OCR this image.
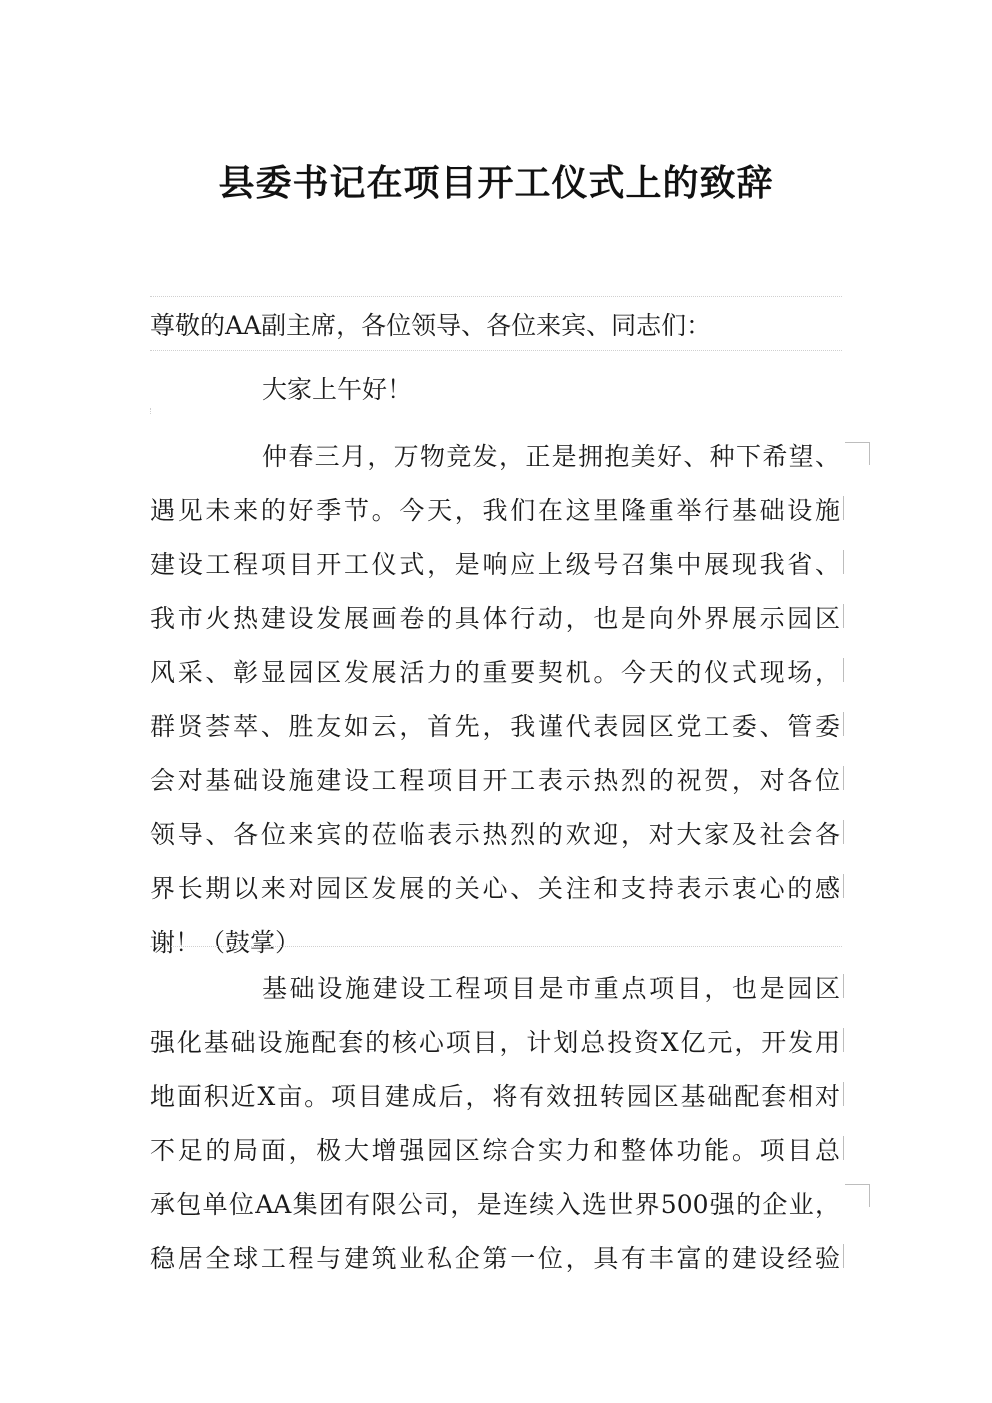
县委书记在项目开工仪式上的致辞
尊敬的AA副主席，各位领导、各位来宾、同志们：
大家上午好！
仲春三月，万物竞发，正是拥抱美好、种下希望、
遇见未来的好季节。今天，我们在这里隆重举行基础设施
建设工程项目开工仪式，是响应上级号召集中展现我省、
我市火热建设发展画卷的具体行动，也是向外界展示园区
风采、彰显园区发展活力的重要契机。今天的仪式现场，
群贤荟萃、胜友如云，首先，我谨代表园区党工委、管委
会对基础设施建设工程项目开工表示热烈的祝贺，对各位
领导、各位来宾的莅临表示热烈的欢迎，对大家及社会各
界长期以来对园区发展的关心、关注和支持表示衷心的感
谢！（鼓掌）
基础设施建设工程项目是市重点项目，也是园区
强化基础设施配套的核心项目，计划总投资X亿元，开发用
地面积近X亩。项目建成后，将有效扭转园区基础配套相对
不足的局面，极大增强园区综合实力和整体功能。项目总
承包单位AA集团有限公司，是连续入选世界500强的企业，
稳居全球工程与建筑业私企第一位，具有丰富的建设经验
